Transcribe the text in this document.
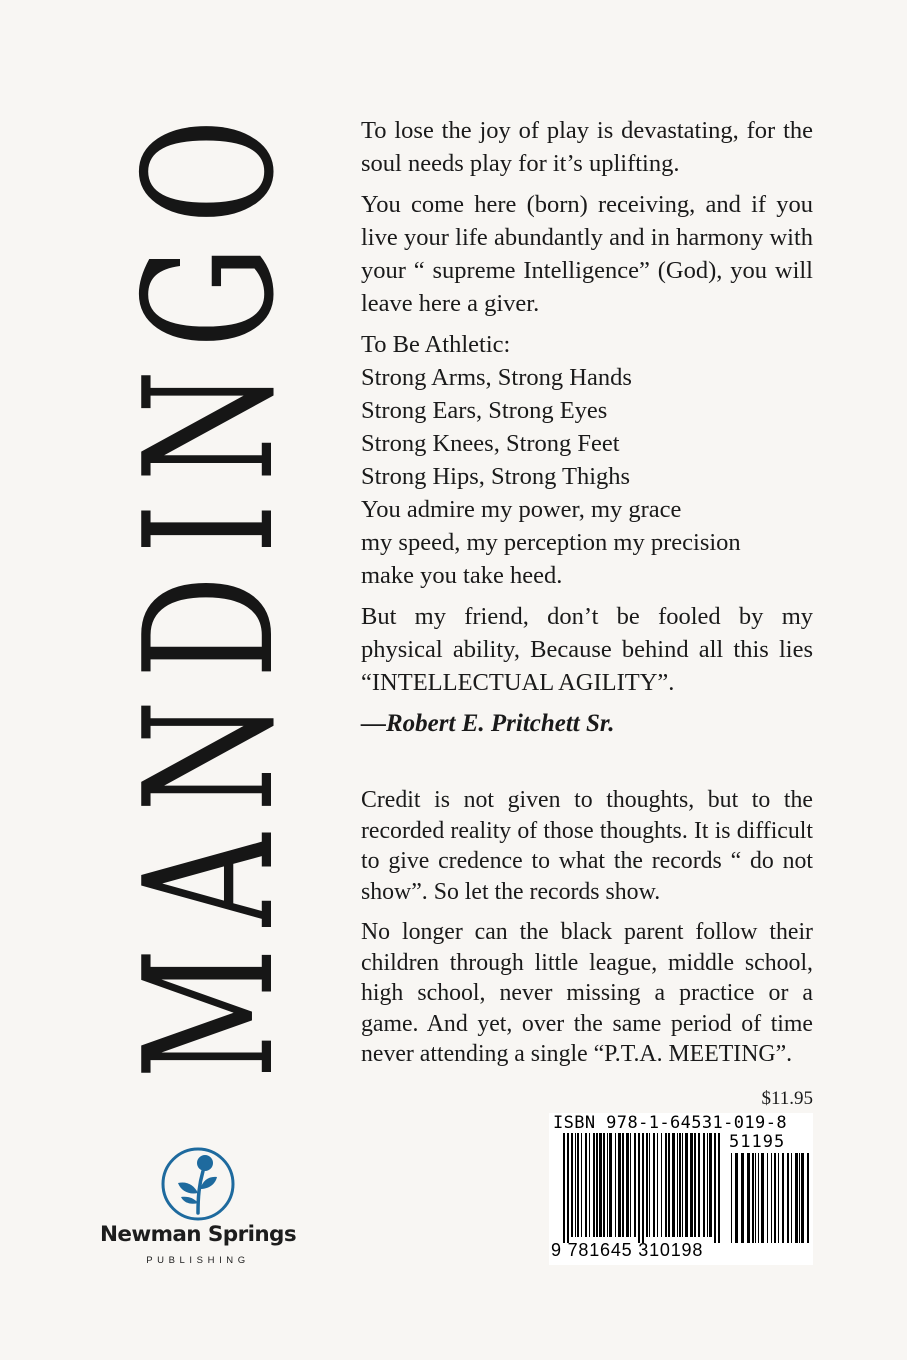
MANDINGO To lose the joy of play is devastating, for the soul needs play for it’s uplifting.

You come here (born) receiving, and if you live your life abundantly and in harmony with your “ supreme Intelligence” (God), you will leave here a giver.

To Be Athletic:
Strong Arms, Strong Hands
Strong Ears, Strong Eyes
Strong Knees, Strong Feet
Strong Hips, Strong Thighs
You admire my power, my grace
my speed, my perception my precision
make you take heed.

But my friend, don’t be fooled by my physical ability, Because behind all this lies “INTELLECTUAL AGILITY”.

—Robert E. Pritchett Sr.

Credit is not given to thoughts, but to the recorded reality of those thoughts. It is difficult to give credence to what the records “ do not show”. So let the records show.

No longer can the black parent follow their children through little league, middle school, high school, never missing a practice or a game. And yet, over the same period of time never attending a single “P.T.A. MEETING”.

$11.95
ISBN 978-1-64531-019-8
51195
9 781645 310198
Newman Springs
PUBLISHING
